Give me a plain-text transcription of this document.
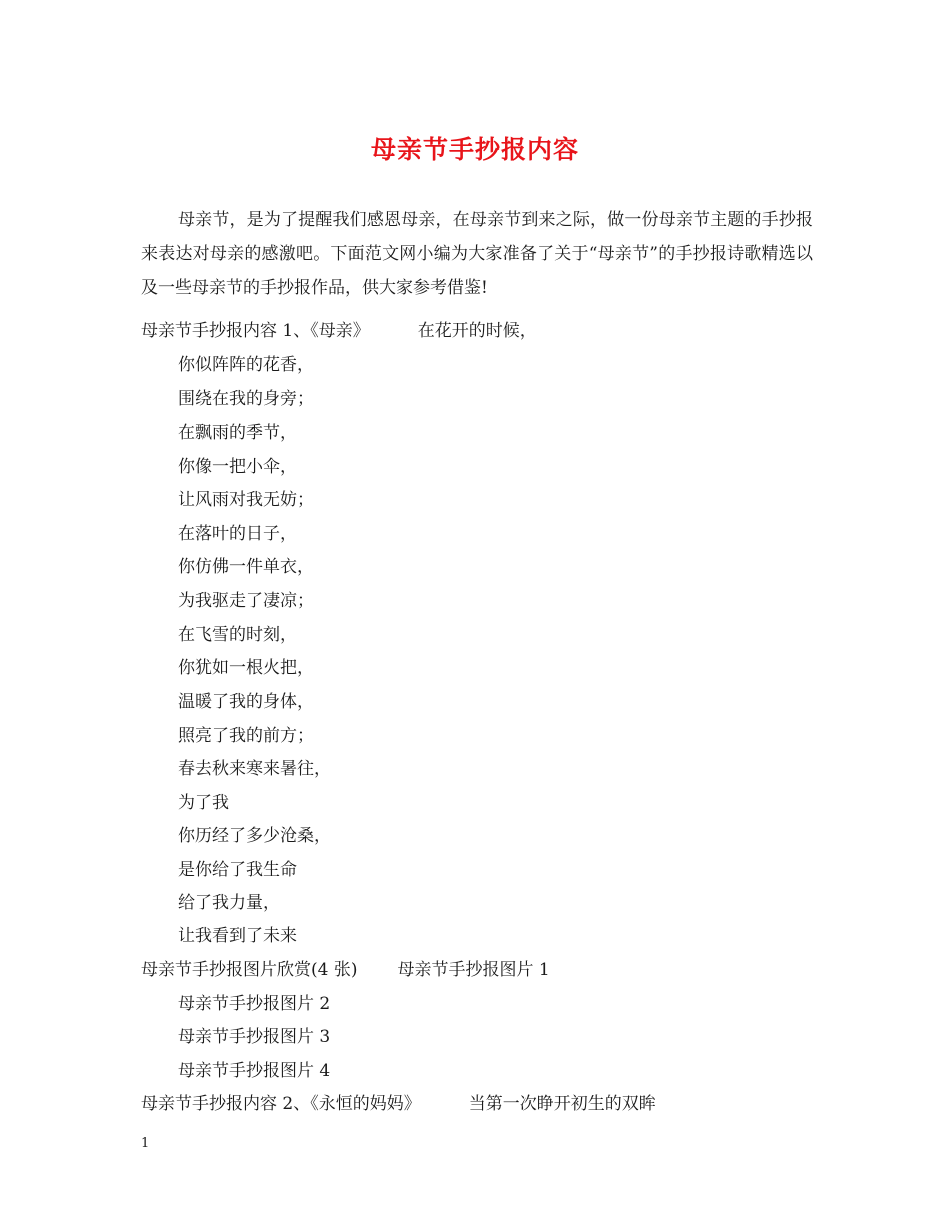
母亲节手抄报内容
母亲节，是为了提醒我们感恩母亲，在母亲节到来之际，做一份母亲节主题的手抄报来表达对母亲的感激吧。下面范文网小编为大家准备了关于“母亲节”的手抄报诗歌精选以及一些母亲节的手抄报作品，供大家参考借鉴!
母亲节手抄报内容 1、《母亲》	在花开的时候，
你似阵阵的花香，
围绕在我的身旁；
在飘雨的季节，
你像一把小伞，
让风雨对我无妨；
在落叶的日子，
你仿佛一件单衣，
为我驱走了凄凉；
在飞雪的时刻，
你犹如一根火把，
温暖了我的身体，
照亮了我的前方；
春去秋来寒来暑往，
为了我
你历经了多少沧桑，
是你给了我生命
给了我力量，
让我看到了未来
母亲节手抄报图片欣赏(4 张) 母亲节手抄报图片 1
母亲节手抄报图片 2
母亲节手抄报图片 3
母亲节手抄报图片 4
母亲节手抄报内容 2、《永恒的妈妈》	当第一次睁开初生的双眸
1
